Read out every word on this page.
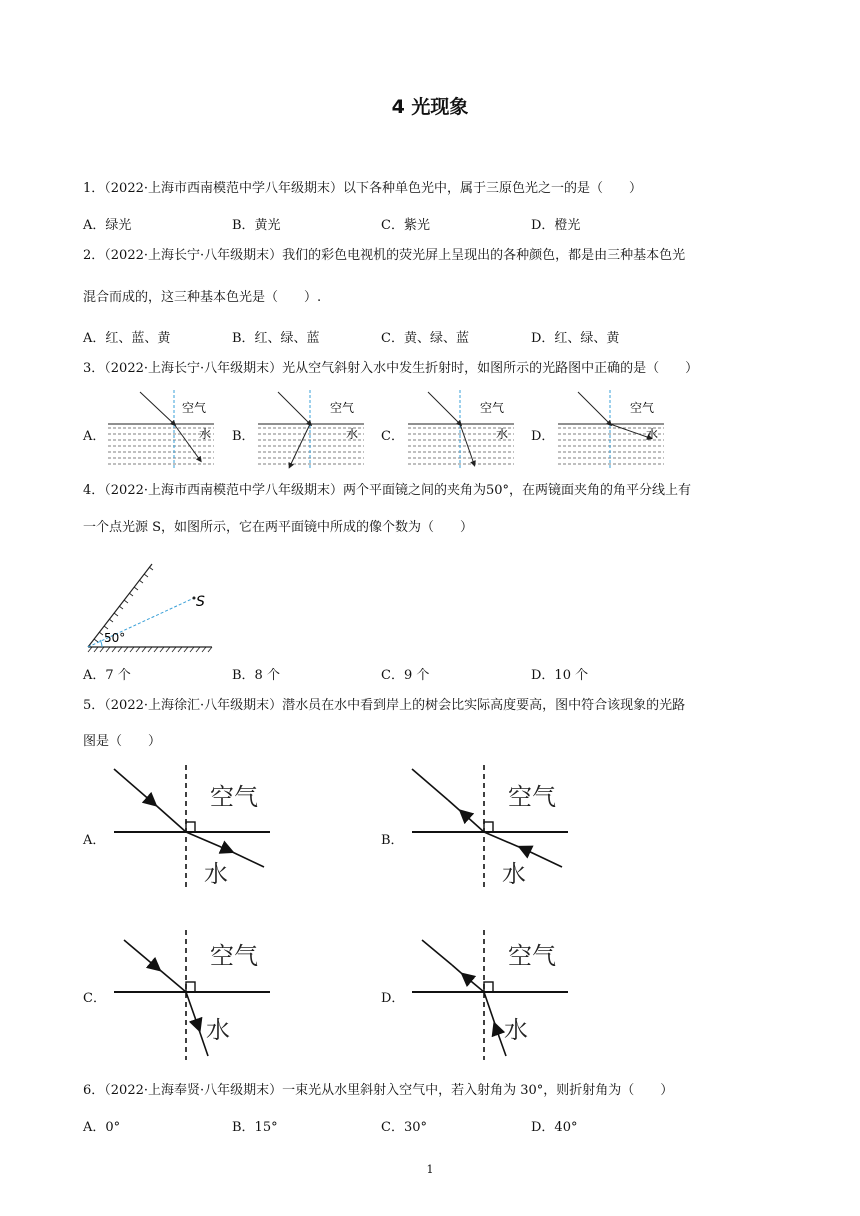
4 光现象
1．（2022·上海市西南模范中学八年级期末）以下各种单色光中，属于三原色光之一的是（　　）
A．绿光	B．黄光	C．紫光	D．橙光
2．（2022·上海长宁·八年级期末）我们的彩色电视机的荧光屏上呈现出的各种颜色，都是由三种基本色光
混合而成的，这三种基本色光是（　　）.
A．红、蓝、黄	B．红、绿、蓝	C．黄、绿、蓝	D．红、绿、黄
3．（2022·上海长宁·八年级期末）光从空气斜射入水中发生折射时，如图所示的光路图中正确的是（　　）
A．
空气
水 B．
空气
水 C．
空气
水 D．
空气
水
4．（2022·上海市西南模范中学八年级期末）两个平面镜之间的夹角为50°，在两镜面夹角的角平分线上有
一个点光源 S，如图所示，它在两平面镜中所成的像个数为（　　）
S
50°
A．7 个	B．8 个	C．9 个	D．10 个
5．（2022·上海徐汇·八年级期末）潜水员在水中看到岸上的树会比实际高度要高，图中符合该现象的光路
图是（　　）
A．
空气
水
B．
空气
水
C．
空气
水
D．
空气
水
6．（2022·上海奉贤·八年级期末）一束光从水里斜射入空气中，若入射角为 30°，则折射角为（　　）
A．0°	B．15°	C．30°	D．40°
1
